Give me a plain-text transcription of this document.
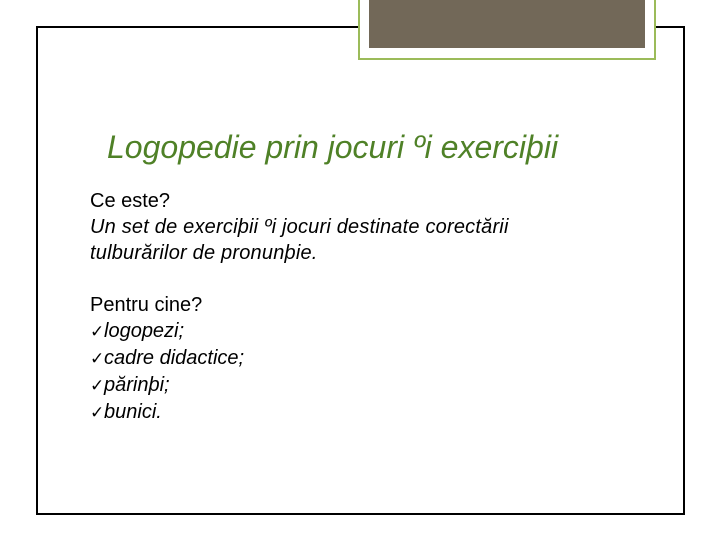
Logopedie prin jocuri ºi exerciþii

Ce este?

Un set de exerciþii ºi jocuri destinate corectării

tulburărilor de pronunþie.

Pentru cine?

✓ logopezi;
✓ cadre didactice;
✓ părinþi;
✓ bunici.
